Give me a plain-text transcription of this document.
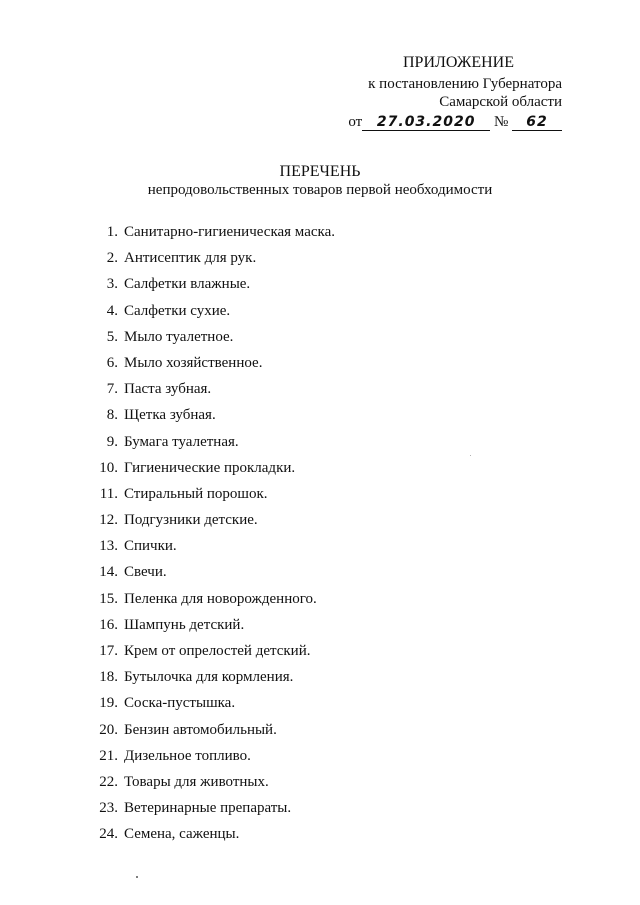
ПРИЛОЖЕНИЕ
к постановлению Губернатора
Самарской области
от 27.03.2020 № 62
ПЕРЕЧЕНЬ
непродовольственных товаров первой необходимости
1. Санитарно-гигиеническая маска.
2. Антисептик для рук.
3. Салфетки влажные.
4. Салфетки сухие.
5. Мыло туалетное.
6. Мыло хозяйственное.
7. Паста зубная.
8. Щетка зубная.
9. Бумага туалетная.
10. Гигиенические прокладки.
11. Стиральный порошок.
12. Подгузники детские.
13. Спички.
14. Свечи.
15. Пеленка для новорожденного.
16. Шампунь детский.
17. Крем от опрелостей детский.
18. Бутылочка для кормления.
19. Соска-пустышка.
20. Бензин автомобильный.
21. Дизельное топливо.
22. Товары для животных.
23. Ветеринарные препараты.
24. Семена, саженцы.
